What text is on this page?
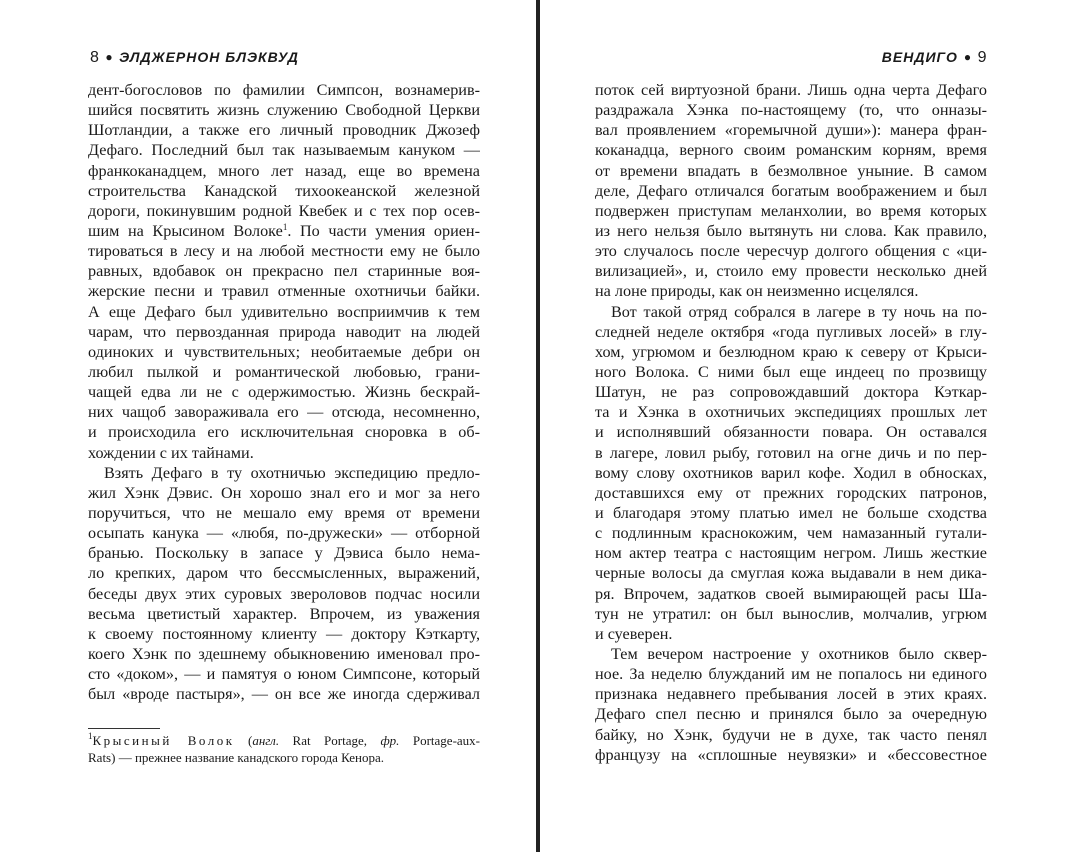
8 ● ЭЛДЖЕРНОН БЛЭКВУД
дент-богословов по фамилии Симпсон, вознамерив-
шийся посвятить жизнь служению Свободной Церкви
Шотландии, а также его личный проводник Джозеф
Дефаго. Последний был так называемым кануком —
франкоканадцем, много лет назад, еще во времена
строительства Канадской тихоокеанской железной
дороги, покинувшим родной Квебек и с тех пор осев-
шим на Крысином Волоке$^1$. По части умения ориен-
тироваться в лесу и на любой местности ему не было
равных, вдобавок он прекрасно пел старинные воя-
жерские песни и травил отменные охотничьи байки.
А еще Дефаго был удивительно восприимчив к тем
чарам, что первозданная природа наводит на людей
одиноких и чувствительных; необитаемые дебри он
любил пылкой и романтической любовью, грани-
чащей едва ли не с одержимостью. Жизнь бескрай-
них чащоб завораживала его — отсюда, несомненно,
и происходила его исключительная сноровка в об-
хождении с их тайнами.
Взять Дефаго в ту охотничью экспедицию предло-
жил Хэнк Дэвис. Он хорошо знал его и мог за него
поручиться, что не мешало ему время от времени
осыпать канука — «любя, по-дружески» — отборной
бранью. Поскольку в запасе у Дэвиса было нема-
ло крепких, даром что бессмысленных, выражений,
беседы двух этих суровых звероловов подчас носили
весьма цветистый характер. Впрочем, из уважения
к своему постоянному клиенту — доктору Кэткарту,
коего Хэнк по здешнему обыкновению именовал про-
сто «доком», — и памятуя о юном Симпсоне, который
был «вроде пастыря», — он все же иногда сдерживал
$^1$Крысиный Волок (англ. Rat Portage, фр. Portage-aux-
Rats) — прежнее название канадского города Кенора.
ВЕНДИГО ● 9
поток сей виртуозной брани. Лишь одна черта Дефаго
раздражала Хэнка по-настоящему (то, что онназы-
вал проявлением «горемычной души»): манера фран-
коканадца, верного своим романским корням, время
от времени впадать в безмолвное уныние. В самом
деле, Дефаго отличался богатым воображением и был
подвержен приступам меланхолии, во время которых
из него нельзя было вытянуть ни слова. Как правило,
это случалось после чересчур долгого общения с «ци-
вилизацией», и, стоило ему провести несколько дней
на лоне природы, как он неизменно исцелялся.
Вот такой отряд собрался в лагере в ту ночь на по-
следней неделе октября «года пугливых лосей» в глу-
хом, угрюмом и безлюдном краю к северу от Крыси-
ного Волока. С ними был еще индеец по прозвищу
Шатун, не раз сопровождавший доктора Кэткар-
та и Хэнка в охотничьих экспедициях прошлых лет
и исполнявший обязанности повара. Он оставался
в лагере, ловил рыбу, готовил на огне дичь и по пер-
вому слову охотников варил кофе. Ходил в обносках,
доставшихся ему от прежних городских патронов,
и благодаря этому платью имел не больше сходства
с подлинным краснокожим, чем намазанный гутали-
ном актер театра с настоящим негром. Лишь жесткие
черные волосы да смуглая кожа выдавали в нем дика-
ря. Впрочем, задатков своей вымирающей расы Ша-
тун не утратил: он был вынослив, молчалив, угрюм
и суеверен.
Тем вечером настроение у охотников было сквер-
ное. За неделю блужданий им не попалось ни единого
признака недавнего пребывания лосей в этих краях.
Дефаго спел песню и принялся было за очередную
байку, но Хэнк, будучи не в духе, так часто пенял
французу на «сплошные неувязки» и «бессовестное
